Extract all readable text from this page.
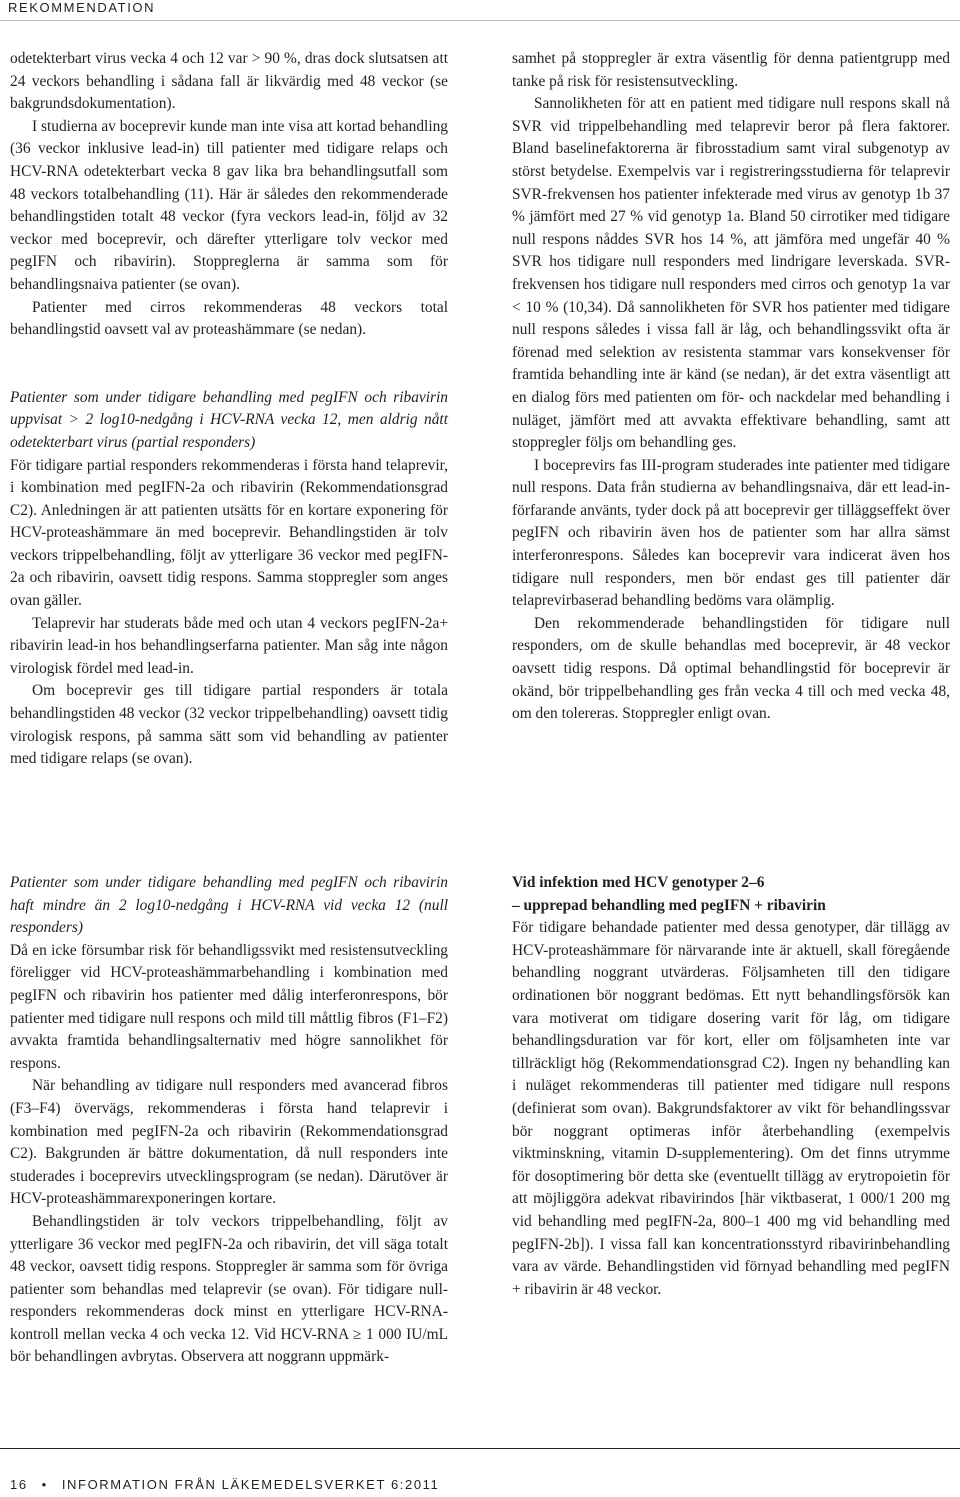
REKOMMENDATION

odetekterbart virus vecka 4 och 12 var > 90 %, dras dock slutsatsen att 24 veckors behandling i sådana fall är likvärdig med 48 veckor (se bakgrundsdokumentation).

I studierna av boceprevir kunde man inte visa att kortad behandling (36 veckor inklusive lead-in) till patienter med tidigare relaps och HCV-RNA odetekterbart vecka 8 gav lika bra behandlingsutfall som 48 veckors totalbehandling (11). Här är således den rekommenderade behandlingstiden totalt 48 veckor (fyra veckors lead-in, följd av 32 veckor med boceprevir, och därefter ytterligare tolv veckor med pegIFN och ribavirin). Stoppreglerna är samma som för behandlingsnaiva patienter (se ovan).

Patienter med cirros rekommenderas 48 veckors total behandlingstid oavsett val av proteashämmare (se nedan).

Patienter som under tidigare behandling med pegIFN och ribavirin uppvisat > 2 log10-nedgång i HCV-RNA vecka 12, men aldrig nått odetekterbart virus (partial responders)

För tidigare partial responders rekommenderas i första hand telaprevir, i kombination med pegIFN-2a och ribavirin (Rekommendationsgrad C2). Anledningen är att patienten utsätts för en kortare exponering för HCV-proteashämmare än med boceprevir. Behandlingstiden är tolv veckors trippelbehandling, följt av ytterligare 36 veckor med pegIFN-2a och ribavirin, oavsett tidig respons. Samma stoppregler som anges ovan gäller.

Telaprevir har studerats både med och utan 4 veckors pegIFN-2a+ ribavirin lead-in hos behandlingserfarna patienter. Man såg inte någon virologisk fördel med lead-in.

Om boceprevir ges till tidigare partial responders är totala behandlingstiden 48 veckor (32 veckor trippelbehandling) oavsett tidig virologisk respons, på samma sätt som vid behandling av patienter med tidigare relaps (se ovan).

samhet på stoppregler är extra väsentlig för denna patientgrupp med tanke på risk för resistensutveckling.

Sannolikheten för att en patient med tidigare null respons skall nå SVR vid trippelbehandling med telaprevir beror på flera faktorer. Bland baselinefaktorerna är fibrosstadium samt viral subgenotyp av störst betydelse. Exempelvis var i registreringsstudierna för telaprevir SVR-frekvensen hos patienter infekterade med virus av genotyp 1b 37 % jämfört med 27 % vid genotyp 1a. Bland 50 cirrotiker med tidigare null respons nåddes SVR hos 14 %, att jämföra med ungefär 40 % SVR hos tidigare null responders med lindrigare leverskada. SVR-frekvensen hos tidigare null responders med cirros och genotyp 1a var < 10 % (10,34). Då sannolikheten för SVR hos patienter med tidigare null respons således i vissa fall är låg, och behandlingssvikt ofta är förenad med selektion av resistenta stammar vars konsekvenser för framtida behandling inte är känd (se nedan), är det extra väsentligt att en dialog förs med patienten om för- och nackdelar med behandling i nuläget, jämfört med att avvakta effektivare behandling, samt att stoppregler följs om behandling ges.

I boceprevirs fas III-program studerades inte patienter med tidigare null respons. Data från studierna av behandlingsnaiva, där ett lead-in-förfarande använts, tyder dock på att boceprevir ger tilläggseffekt över pegIFN och ribavirin även hos de patienter som har allra sämst interferonrespons. Således kan boceprevir vara indicerat även hos tidigare null responders, men bör endast ges till patienter där telaprevirbaserad behandling bedöms vara olämplig.

Den rekommenderade behandlingstiden för tidigare null responders, om de skulle behandlas med boceprevir, är 48 veckor oavsett tidig respons. Då optimal behandlingstid för boceprevir är okänd, bör trippelbehandling ges från vecka 4 till och med vecka 48, om den tolereras. Stoppregler enligt ovan.

Patienter som under tidigare behandling med pegIFN och ribavirin haft mindre än 2 log10-nedgång i HCV-RNA vid vecka 12 (null responders)

Då en icke försumbar risk för behandligssvikt med resistensutveckling föreligger vid HCV-proteashämmarbehandling i kombination med pegIFN och ribavirin hos patienter med dålig interferonrespons, bör patienter med tidigare null respons och mild till måttlig fibros (F1–F2) avvakta framtida behandlingsalternativ med högre sannolikhet för respons.

När behandling av tidigare null responders med avancerad fibros (F3–F4) övervägs, rekommenderas i första hand telaprevir i kombination med pegIFN-2a och ribavirin (Rekommendationsgrad C2). Bakgrunden är bättre dokumentation, då null responders inte studerades i boceprevirs utvecklingsprogram (se nedan). Därutöver är HCV-proteashämmarexponeringen kortare.

Behandlingstiden är tolv veckors trippelbehandling, följt av ytterligare 36 veckor med pegIFN-2a och ribavirin, det vill säga totalt 48 veckor, oavsett tidig respons. Stoppregler är samma som för övriga patienter som behandlas med telaprevir (se ovan). För tidigare null-responders rekommenderas dock minst en ytterligare HCV-RNA-kontroll mellan vecka 4 och vecka 12. Vid HCV-RNA ≥ 1 000 IU/mL bör behandlingen avbrytas. Observera att noggrann uppmärk-

Vid infektion med HCV genotyper 2–6
– upprepad behandling med pegIFN + ribavirin

För tidigare behandade patienter med dessa genotyper, där tillägg av HCV-proteashämmare för närvarande inte är aktuell, skall föregående behandling noggrant utvärderas. Följsamheten till den tidigare ordinationen bör noggrant bedömas. Ett nytt behandlingsförsök kan vara motiverat om tidigare dosering varit för låg, om tidigare behandlingsduration var för kort, eller om följsamheten inte var tillräckligt hög (Rekommendationsgrad C2). Ingen ny behandling kan i nuläget rekommenderas till patienter med tidigare null respons (definierat som ovan). Bakgrundsfaktorer av vikt för behandlingssvar bör noggrant optimeras inför återbehandling (exempelvis viktminskning, vitamin D-supplementering). Om det finns utrymme för dosoptimering bör detta ske (eventuellt tillägg av erytropoietin för att möjliggöra adekvat ribavirindos [här viktbaserat, 1 000/1 200 mg vid behandling med pegIFN-2a, 800–1 400 mg vid behandling med pegIFN-2b]). I vissa fall kan koncentrationsstyrd ribavirinbehandling vara av värde. Behandlingstiden vid förnyad behandling med pegIFN + ribavirin är 48 veckor.

16 • INFORMATION FRÅN LÄKEMEDELSVERKET 6:2011
